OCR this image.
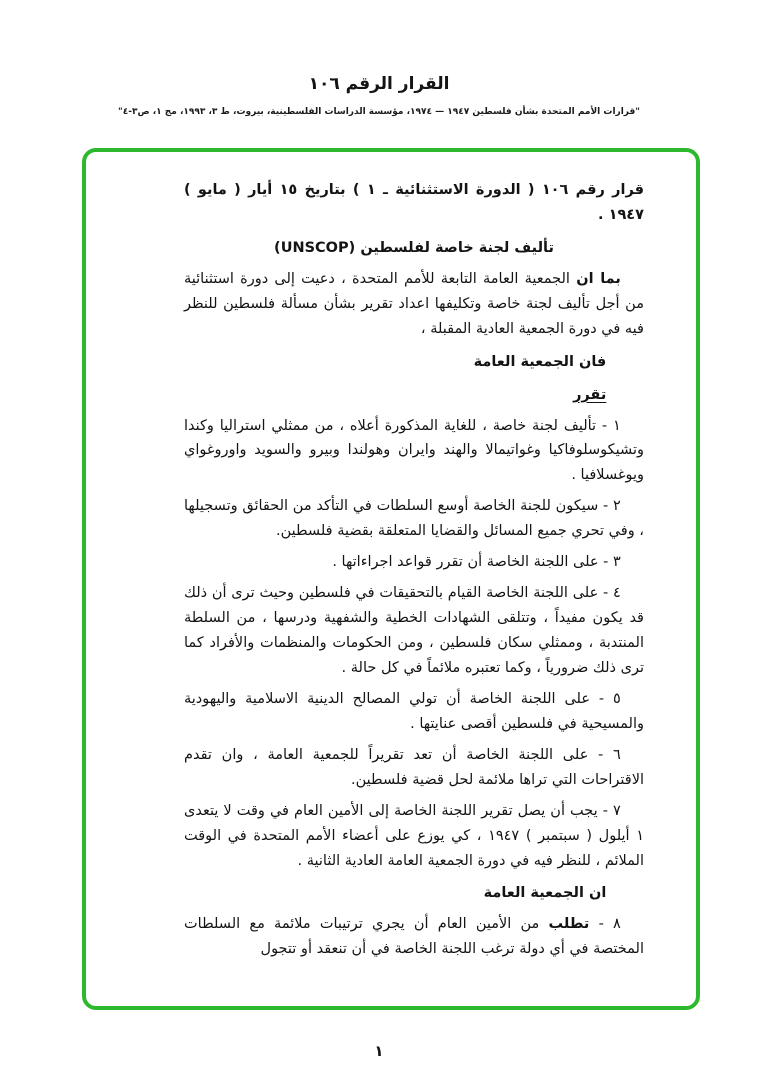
القرار الرقم ١٠٦
"قرارات الأمم المتحدة بشأن فلسطين ١٩٤٧ — ١٩٧٤، مؤسسة الدراسات الفلسطينية، بيروت، ط ٣، ١٩٩٣، مج ١، ص٣-٤"

قرار رقم ١٠٦ ( الدورة الاستثنائية ـ ١ ) بتاريخ ١٥ أيار ( مايو ) ١٩٤٧ .

تأليف لجنة خاصة لفلسطين (UNSCOP)

بما ان الجمعية العامة التابعة للأمم المتحدة ، دعيت إلى دورة استثنائية من أجل تأليف لجنة خاصة وتكليفها اعداد تقرير بشأن مسألة فلسطين للنظر فيه في دورة الجمعية العادية المقبلة ،

فان الجمعية العامة

تقرر

١ - تأليف لجنة خاصة ، للغاية المذكورة أعلاه ، من ممثلي استراليا وكندا وتشيكوسلوفاكيا وغواتيمالا والهند وايران وهولندا وبيرو والسويد واوروغواي ويوغسلافيا .

٢ - سيكون للجنة الخاصة أوسع السلطات في التأكد من الحقائق وتسجيلها ، وفي تحري جميع المسائل والقضايا المتعلقة بقضية فلسطين.

٣ - على اللجنة الخاصة أن تقرر قواعد اجراءاتها .

٤ - على اللجنة الخاصة القيام بالتحقيقات في فلسطين وحيث ترى أن ذلك قد يكون مفيداً ، وتتلقى الشهادات الخطية والشفهية ودرسها ، من السلطة المنتدبة ، وممثلي سكان فلسطين ، ومن الحكومات والمنظمات والأفراد كما ترى ذلك ضرورياً ، وكما تعتبره ملائماً في كل حالة .

٥ - على اللجنة الخاصة أن تولي المصالح الدينية الاسلامية واليهودية والمسيحية في فلسطين أقصى عنايتها .

٦ - على اللجنة الخاصة أن تعد تقريراً للجمعية العامة ، وان تقدم الاقتراحات التي تراها ملائمة لحل قضية فلسطين.

٧ - يجب أن يصل تقرير اللجنة الخاصة إلى الأمين العام في وقت لا يتعدى ١ أيلول ( سبتمبر ) ١٩٤٧ ، كي يوزع على أعضاء الأمم المتحدة في الوقت الملائم ، للنظر فيه في دورة الجمعية العامة العادية الثانية .

ان الجمعية العامة

٨ - تطلب من الأمين العام أن يجري ترتيبات ملائمة مع السلطات المختصة في أي دولة ترغب اللجنة الخاصة في أن تنعقد أو تتجول

١
